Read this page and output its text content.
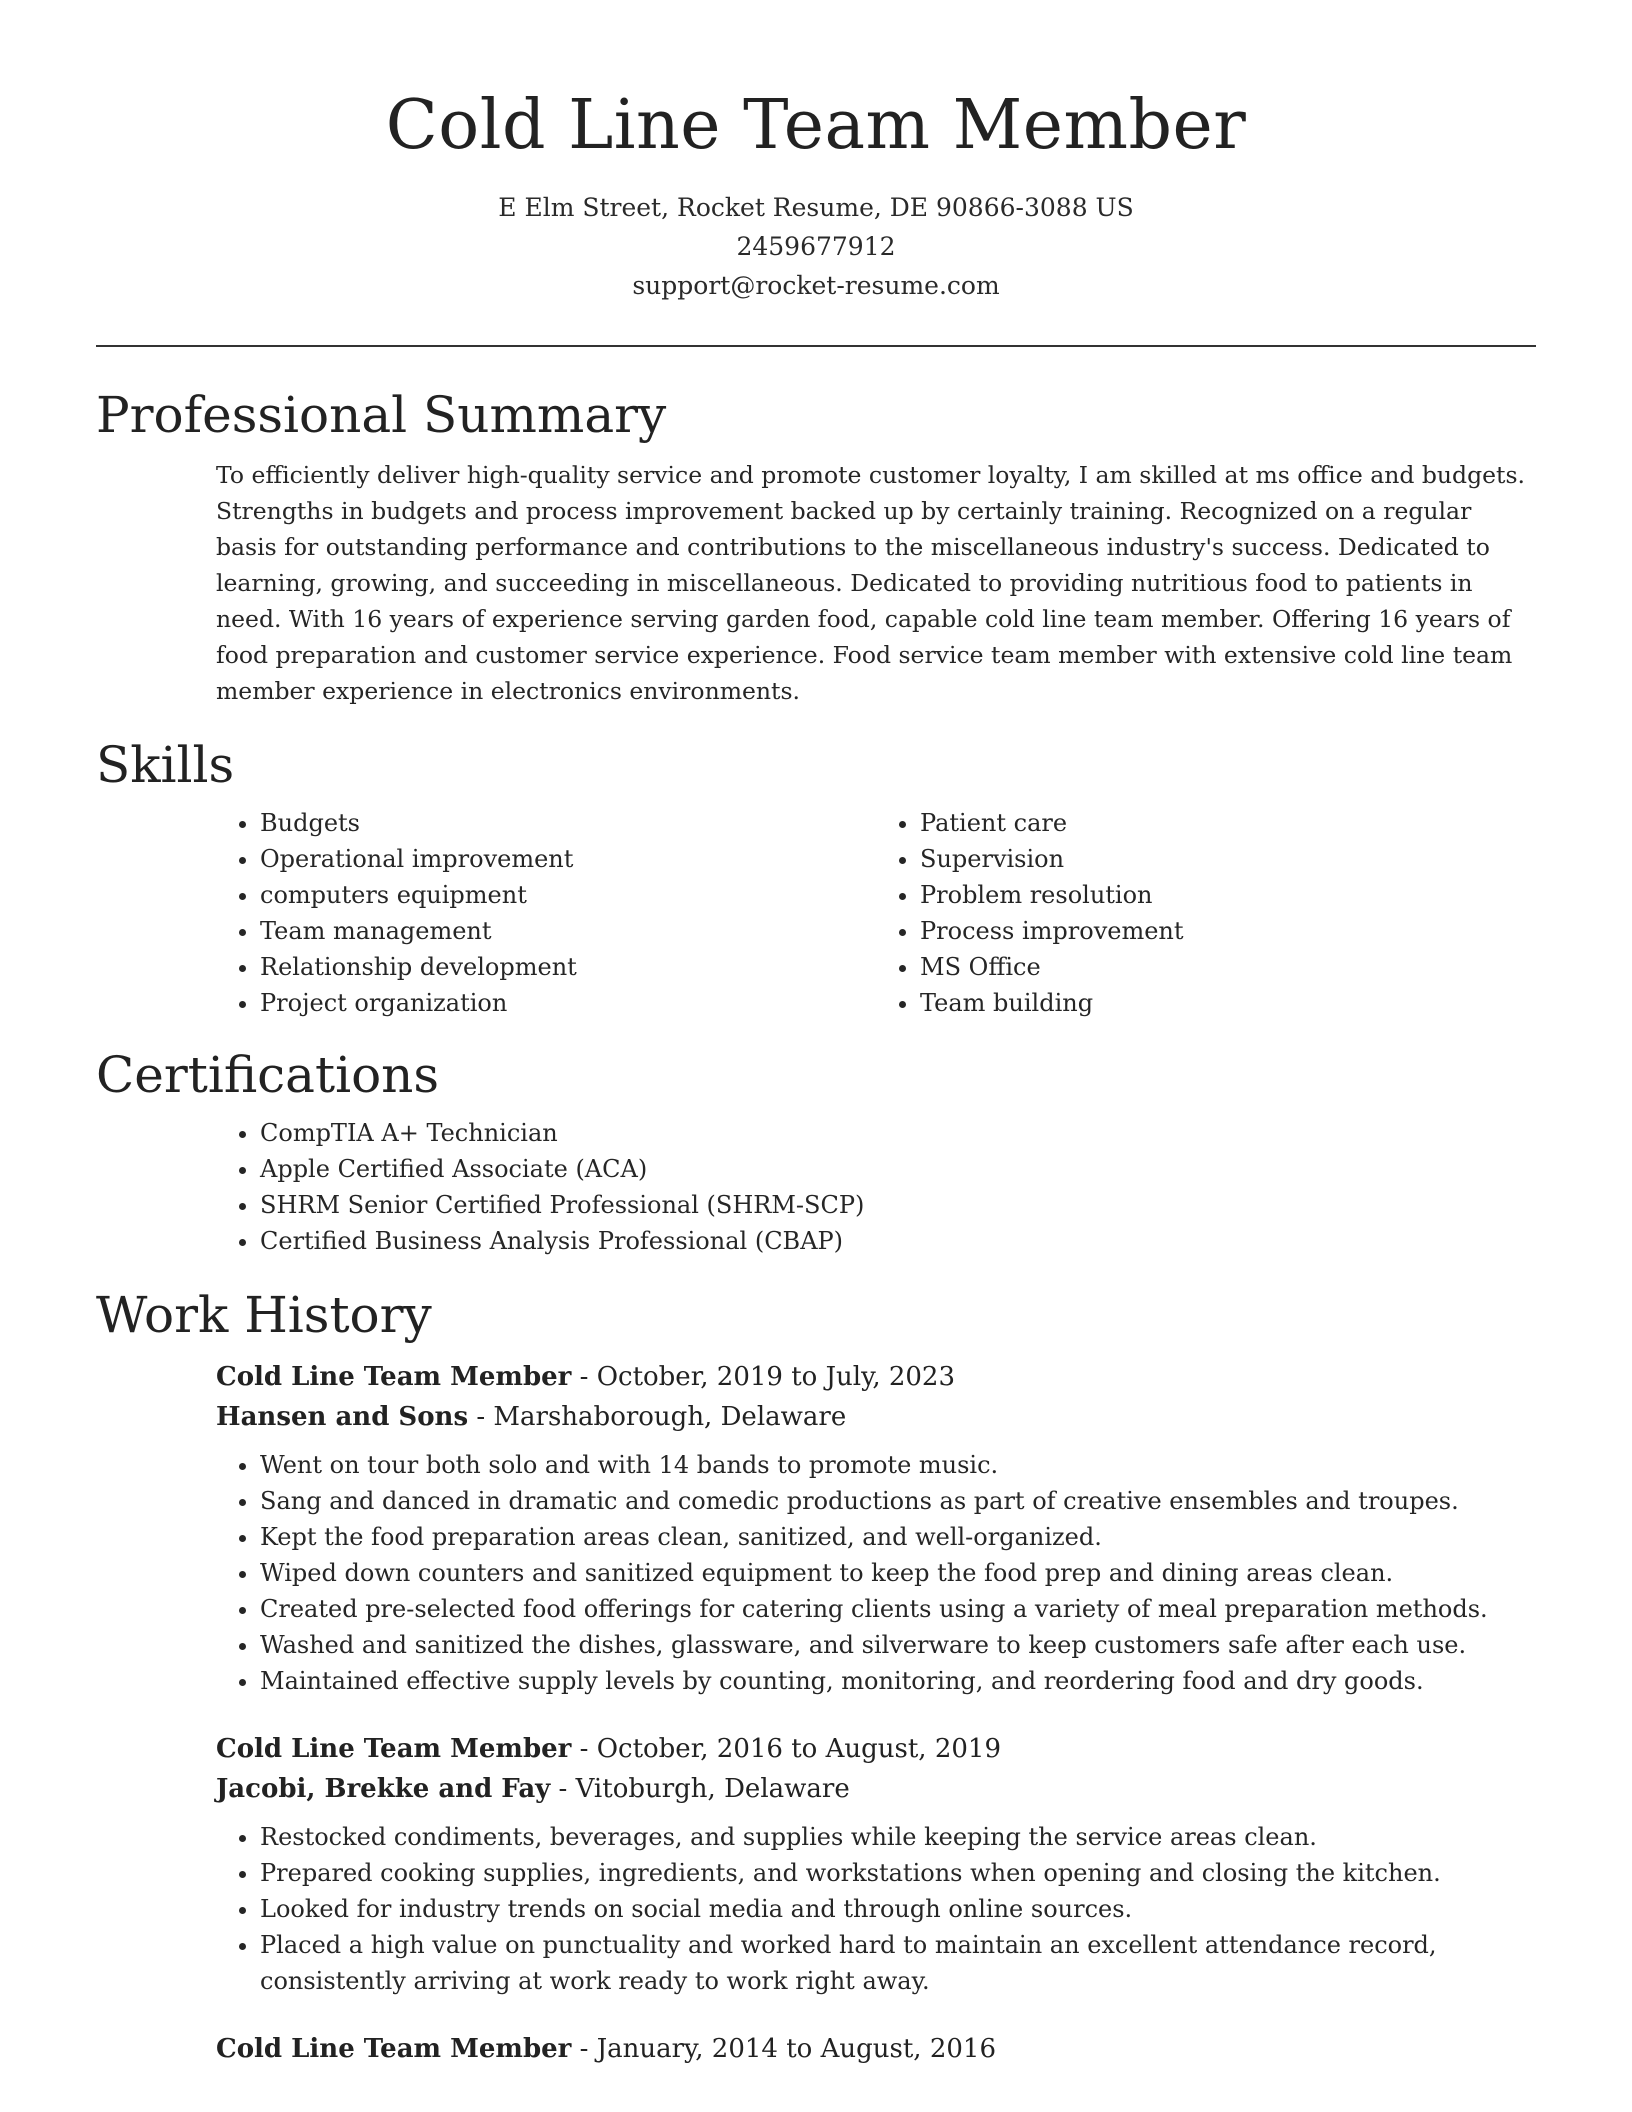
Cold Line Team Member
E Elm Street, Rocket Resume, DE 90866-3088 US
2459677912
support@rocket-resume.com
Professional Summary

To efficiently deliver high-quality service and promote customer loyalty, I am skilled at ms office and budgets. Strengths in budgets and process improvement backed up by certainly training. Recognized on a regular basis for outstanding performance and contributions to the miscellaneous industry's success. Dedicated to learning, growing, and succeeding in miscellaneous. Dedicated to providing nutritious food to patients in need. With 16 years of experience serving garden food, capable cold line team member. Offering 16 years of food preparation and customer service experience. Food service team member with extensive cold line team member experience in electronics environments.

Skills
• Budgets
• Operational improvement
• computers equipment
• Team management
• Relationship development
• Project organization
• Patient care
• Supervision
• Problem resolution
• Process improvement
• MS Office
• Team building
Certifications
• CompTIA A+ Technician
• Apple Certified Associate (ACA)
• SHRM Senior Certified Professional (SHRM-SCP)
• Certified Business Analysis Professional (CBAP)
Work History
Cold Line Team Member - October, 2019 to July, 2023
Hansen and Sons - Marshaborough, Delaware
• Went on tour both solo and with 14 bands to promote music.
• Sang and danced in dramatic and comedic productions as part of creative ensembles and troupes.
• Kept the food preparation areas clean, sanitized, and well-organized.
• Wiped down counters and sanitized equipment to keep the food prep and dining areas clean.
• Created pre-selected food offerings for catering clients using a variety of meal preparation methods.
• Washed and sanitized the dishes, glassware, and silverware to keep customers safe after each use.
• Maintained effective supply levels by counting, monitoring, and reordering food and dry goods.
Cold Line Team Member - October, 2016 to August, 2019
Jacobi, Brekke and Fay - Vitoburgh, Delaware
• Restocked condiments, beverages, and supplies while keeping the service areas clean.
• Prepared cooking supplies, ingredients, and workstations when opening and closing the kitchen.
• Looked for industry trends on social media and through online sources.
• Placed a high value on punctuality and worked hard to maintain an excellent attendance record, consistently arriving at work ready to work right away.
Cold Line Team Member - January, 2014 to August, 2016
